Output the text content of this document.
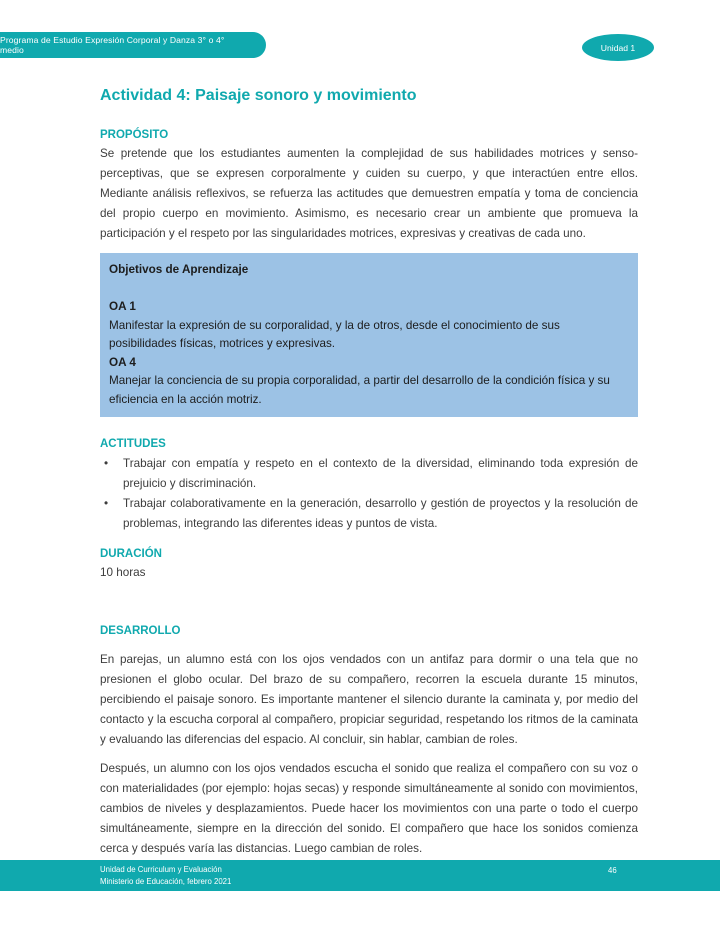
Programa de Estudio Expresión Corporal y Danza 3° o 4° medio	Unidad 1
Actividad 4: Paisaje sonoro y movimiento
PROPÓSITO

Se pretende que los estudiantes aumenten la complejidad de sus habilidades motrices y senso-perceptivas, que se expresen corporalmente y cuiden su cuerpo, y que interactúen entre ellos. Mediante análisis reflexivos, se refuerza las actitudes que demuestren empatía y toma de conciencia del propio cuerpo en movimiento. Asimismo, es necesario crear un ambiente que promueva la participación y el respeto por las singularidades motrices, expresivas y creativas de cada uno.

Objetivos de Aprendizaje

OA 1

Manifestar la expresión de su corporalidad, y la de otros, desde el conocimiento de sus posibilidades físicas, motrices y expresivas.

OA 4

Manejar la conciencia de su propia corporalidad, a partir del desarrollo de la condición física y su eficiencia en la acción motriz.

ACTITUDES
• Trabajar con empatía y respeto en el contexto de la diversidad, eliminando toda expresión de prejuicio y discriminación.
• Trabajar colaborativamente en la generación, desarrollo y gestión de proyectos y la resolución de problemas, integrando las diferentes ideas y puntos de vista.
DURACIÓN

10 horas

DESARROLLO

En parejas, un alumno está con los ojos vendados con un antifaz para dormir o una tela que no presionen el globo ocular. Del brazo de su compañero, recorren la escuela durante 15 minutos, percibiendo el paisaje sonoro. Es importante mantener el silencio durante la caminata y, por medio del contacto y la escucha corporal al compañero, propiciar seguridad, respetando los ritmos de la caminata y evaluando las diferencias del espacio. Al concluir, sin hablar, cambian de roles.

Después, un alumno con los ojos vendados escucha el sonido que realiza el compañero con su voz o con materialidades (por ejemplo: hojas secas) y responde simultáneamente al sonido con movimientos, cambios de niveles y desplazamientos. Puede hacer los movimientos con una parte o todo el cuerpo simultáneamente, siempre en la dirección del sonido. El compañero que hace los sonidos comienza cerca y después varía las distancias. Luego cambian de roles.

Unidad de Curriculum y Evaluación
Ministerio de Educación, febrero 2021
46
